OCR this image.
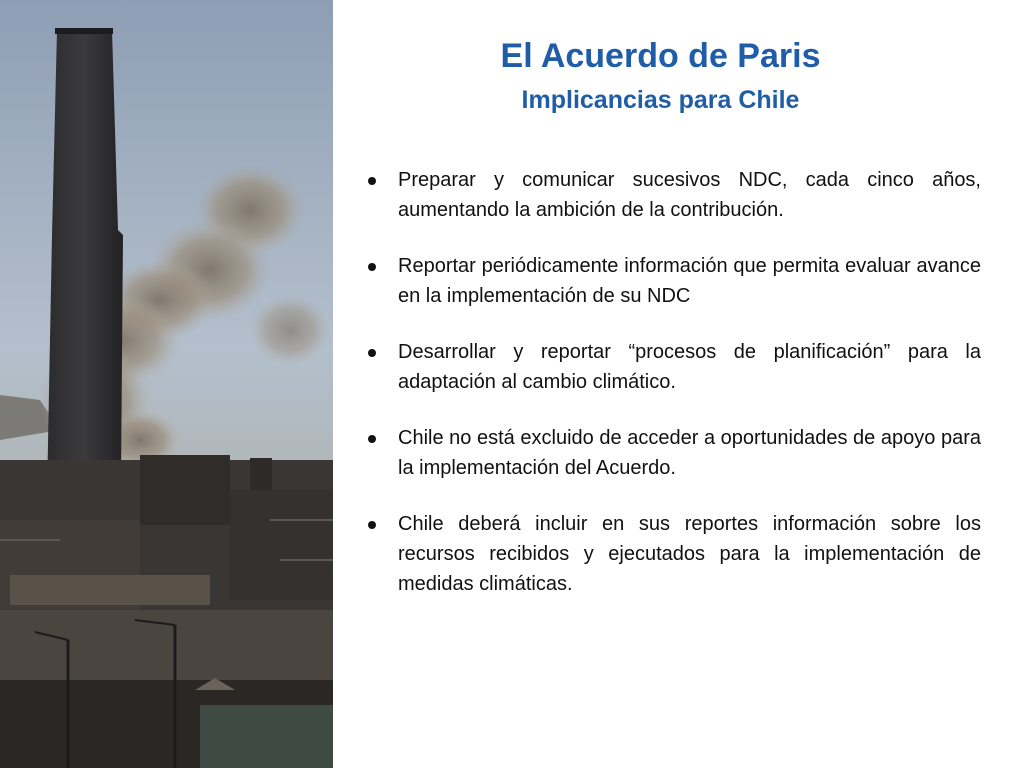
El Acuerdo de Paris
Implicancias para Chile
Preparar y comunicar sucesivos NDC, cada cinco años, aumentando la ambición de la contribución.
Reportar periódicamente información que permita evaluar avance en la implementación de su NDC
Desarrollar y reportar “procesos de planificación” para la adaptación al cambio climático.
Chile no está excluido de acceder a oportunidades de apoyo para la implementación del Acuerdo.
Chile deberá incluir en sus reportes información sobre los recursos recibidos y ejecutados para la implementación de medidas climáticas.
